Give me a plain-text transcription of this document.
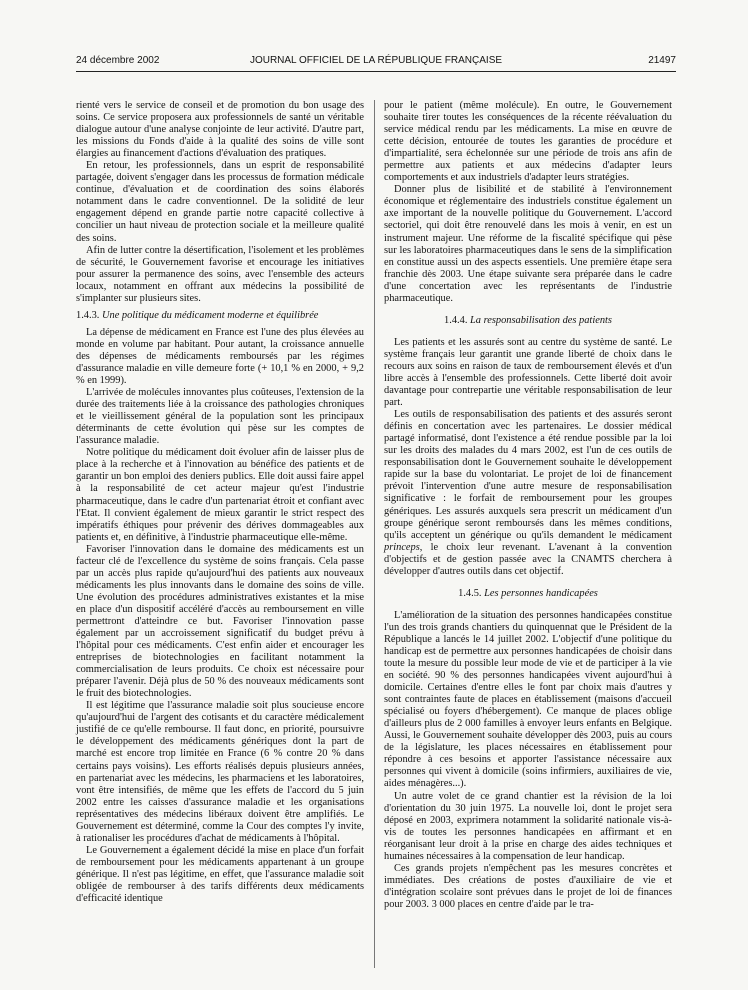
24 décembre 2002	JOURNAL OFFICIEL DE LA RÉPUBLIQUE FRANÇAISE	21497

rienté vers le service de conseil et de promotion du bon usage des soins. Ce service proposera aux professionnels de santé un véritable dialogue autour d'une analyse conjointe de leur activité. D'autre part, les missions du Fonds d'aide à la qualité des soins de ville sont élargies au financement d'actions d'évaluation des pratiques.

En retour, les professionnels, dans un esprit de responsabilité partagée, doivent s'engager dans les processus de formation médicale continue, d'évaluation et de coordination des soins élaborés notamment dans le cadre conventionnel. De la solidité de leur engagement dépend en grande partie notre capacité collective à concilier un haut niveau de protection sociale et la meilleure qualité des soins.

Afin de lutter contre la désertification, l'isolement et les problèmes de sécurité, le Gouvernement favorise et encourage les initiatives pour assurer la permanence des soins, avec l'ensemble des acteurs locaux, notamment en offrant aux médecins la possibilité de s'implanter sur plusieurs sites.

1.4.3. Une politique du médicament moderne et équilibrée

La dépense de médicament en France est l'une des plus élevées au monde en volume par habitant. Pour autant, la croissance annuelle des dépenses de médicaments remboursés par les régimes d'assurance maladie en ville demeure forte (+ 10,1 % en 2000, + 9,2 % en 1999).

L'arrivée de molécules innovantes plus coûteuses, l'extension de la durée des traitements liée à la croissance des pathologies chroniques et le vieillissement général de la population sont les principaux déterminants de cette évolution qui pèse sur les comptes de l'assurance maladie.

Notre politique du médicament doit évoluer afin de laisser plus de place à la recherche et à l'innovation au bénéfice des patients et de garantir un bon emploi des deniers publics. Elle doit aussi faire appel à la responsabilité de cet acteur majeur qu'est l'industrie pharmaceutique, dans le cadre d'un partenariat étroit et confiant avec l'Etat. Il convient également de mieux garantir le strict respect des impératifs éthiques pour prévenir des dérives dommageables aux patients et, en définitive, à l'industrie pharmaceutique elle-même.

Favoriser l'innovation dans le domaine des médicaments est un facteur clé de l'excellence du système de soins français. Cela passe par un accès plus rapide qu'aujourd'hui des patients aux nouveaux médicaments les plus innovants dans le domaine des soins de ville. Une évolution des procédures administratives existantes et la mise en place d'un dispositif accéléré d'accès au remboursement en ville permettront d'atteindre ce but. Favoriser l'innovation passe également par un accroissement significatif du budget prévu à l'hôpital pour ces médicaments. C'est enfin aider et encourager les entreprises de biotechnologies en facilitant notamment la commercialisation de leurs produits. Ce choix est nécessaire pour préparer l'avenir. Déjà plus de 50 % des nouveaux médicaments sont le fruit des biotechnologies.

Il est légitime que l'assurance maladie soit plus soucieuse encore qu'aujourd'hui de l'argent des cotisants et du caractère médicalement justifié de ce qu'elle rembourse. Il faut donc, en priorité, poursuivre le développement des médicaments génériques dont la part de marché est encore trop limitée en France (6 % contre 20 % dans certains pays voisins). Les efforts réalisés depuis plusieurs années, en partenariat avec les médecins, les pharmaciens et les laboratoires, vont être intensifiés, de même que les effets de l'accord du 5 juin 2002 entre les caisses d'assurance maladie et les organisations représentatives des médecins libéraux doivent être amplifiés. Le Gouvernement est déterminé, comme la Cour des comptes l'y invite, à rationaliser les procédures d'achat de médicaments à l'hôpital.

Le Gouvernement a également décidé la mise en place d'un forfait de remboursement pour les médicaments appartenant à un groupe générique. Il n'est pas légitime, en effet, que l'assurance maladie soit obligée de rembourser à des tarifs différents deux médicaments d'efficacité identique

pour le patient (même molécule). En outre, le Gouvernement souhaite tirer toutes les conséquences de la récente réévaluation du service médical rendu par les médicaments. La mise en œuvre de cette décision, entourée de toutes les garanties de procédure et d'impartialité, sera échelonnée sur une période de trois ans afin de permettre aux patients et aux médecins d'adapter leurs comportements et aux industriels d'adapter leurs stratégies.

Donner plus de lisibilité et de stabilité à l'environnement économique et réglementaire des industriels constitue également un axe important de la nouvelle politique du Gouvernement. L'accord sectoriel, qui doit être renouvelé dans les mois à venir, en est un instrument majeur. Une réforme de la fiscalité spécifique qui pèse sur les laboratoires pharmaceutiques dans le sens de la simplification en constitue aussi un des aspects essentiels. Une première étape sera franchie dès 2003. Une étape suivante sera préparée dans le cadre d'une concertation avec les représentants de l'industrie pharmaceutique.

1.4.4. La responsabilisation des patients

Les patients et les assurés sont au centre du système de santé. Le système français leur garantit une grande liberté de choix dans le recours aux soins en raison de taux de remboursement élevés et d'un libre accès à l'ensemble des professionnels. Cette liberté doit avoir davantage pour contrepartie une véritable responsabilisation de leur part.

Les outils de responsabilisation des patients et des assurés seront définis en concertation avec les partenaires. Le dossier médical partagé informatisé, dont l'existence a été rendue possible par la loi sur les droits des malades du 4 mars 2002, est l'un de ces outils de responsabilisation dont le Gouvernement souhaite le développement rapide sur la base du volontariat. Le projet de loi de financement prévoit l'intervention d'une autre mesure de responsabilisation significative : le forfait de remboursement pour les groupes génériques. Les assurés auxquels sera prescrit un médicament d'un groupe générique seront remboursés dans les mêmes conditions, qu'ils acceptent un générique ou qu'ils demandent le médicament princeps, le choix leur revenant. L'avenant à la convention d'objectifs et de gestion passée avec la CNAMTS cherchera à développer d'autres outils dans cet objectif.

1.4.5. Les personnes handicapées

L'amélioration de la situation des personnes handicapées constitue l'un des trois grands chantiers du quinquennat que le Président de la République a lancés le 14 juillet 2002. L'objectif d'une politique du handicap est de permettre aux personnes handicapées de choisir dans toute la mesure du possible leur mode de vie et de participer à la vie en société. 90 % des personnes handicapées vivent aujourd'hui à domicile. Certaines d'entre elles le font par choix mais d'autres y sont contraintes faute de places en établissement (maisons d'accueil spécialisé ou foyers d'hébergement). Ce manque de places oblige d'ailleurs plus de 2 000 familles à envoyer leurs enfants en Belgique. Aussi, le Gouvernement souhaite développer dès 2003, puis au cours de la législature, les places nécessaires en établissement pour répondre à ces besoins et apporter l'assistance nécessaire aux personnes qui vivent à domicile (soins infirmiers, auxiliaires de vie, aides ménagères...).

Un autre volet de ce grand chantier est la révision de la loi d'orientation du 30 juin 1975. La nouvelle loi, dont le projet sera déposé en 2003, exprimera notamment la solidarité nationale vis-à-vis de toutes les personnes handicapées en affirmant et en réorganisant leur droit à la prise en charge des aides techniques et humaines nécessaires à la compensation de leur handicap.

Ces grands projets n'empêchent pas les mesures concrètes et immédiates. Des créations de postes d'auxiliaire de vie et d'intégration scolaire sont prévues dans le projet de loi de finances pour 2003. 3 000 places en centre d'aide par le tra-
